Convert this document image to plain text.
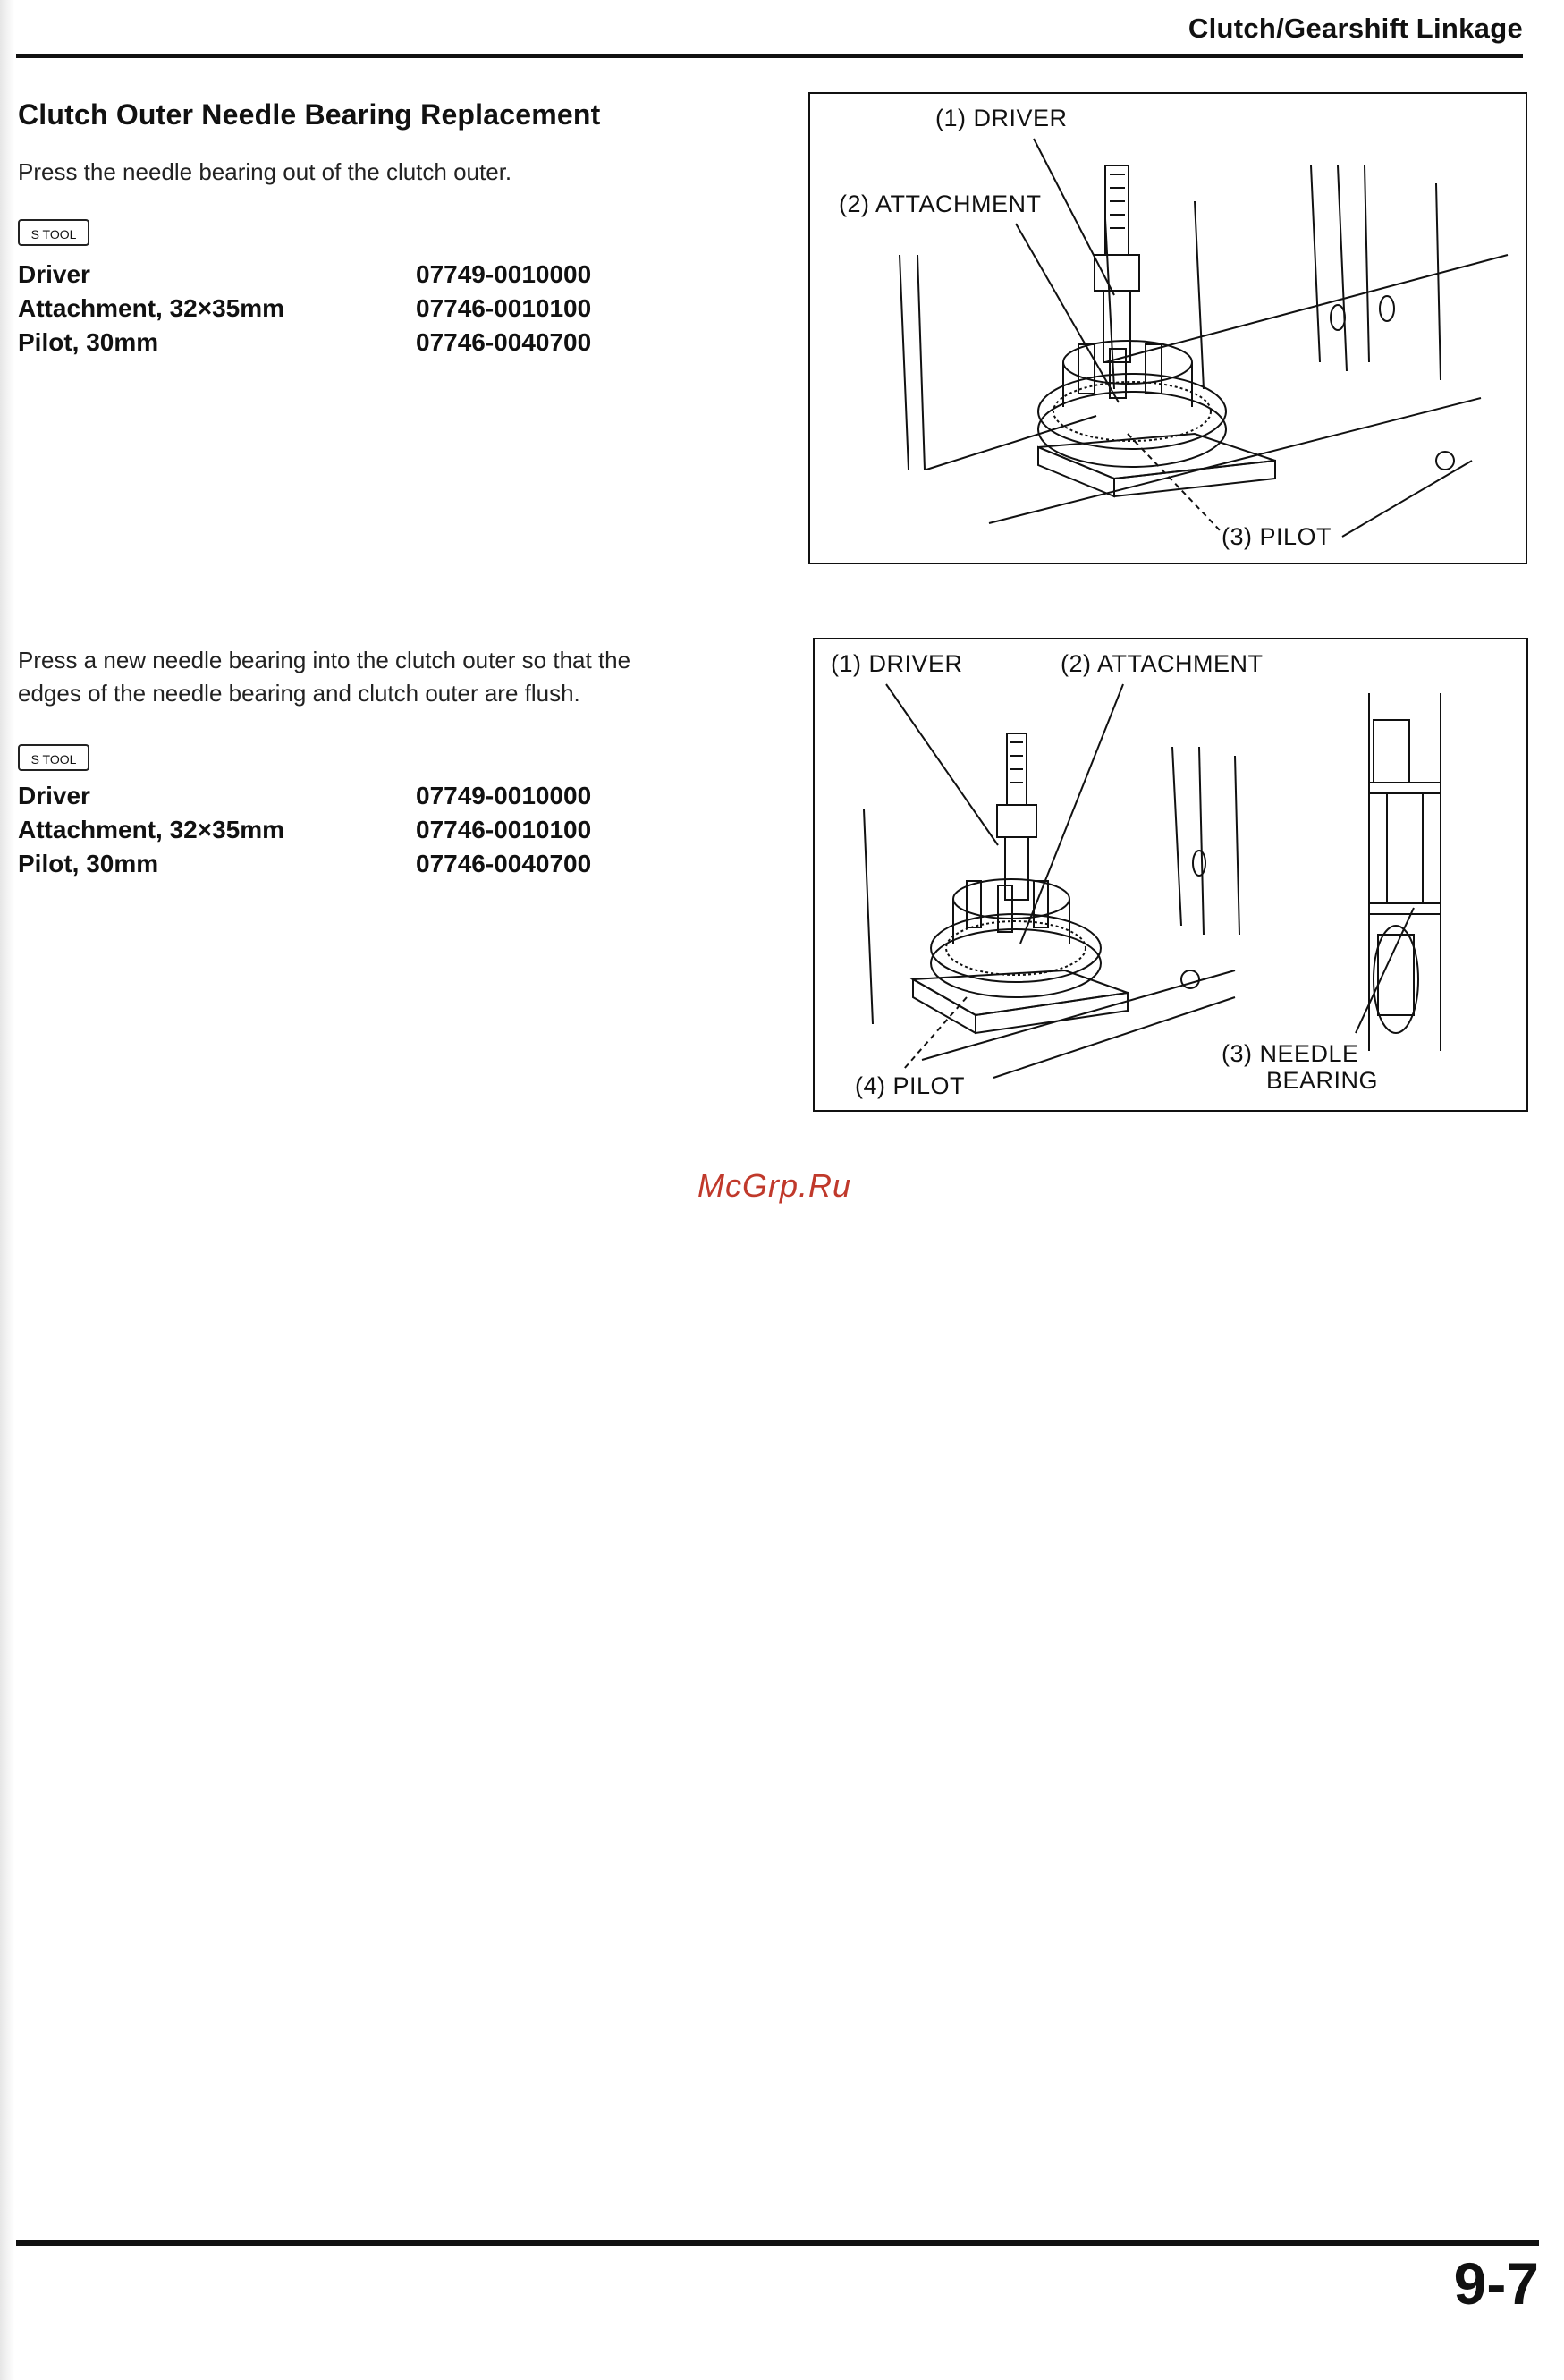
Clutch/Gearshift Linkage
Clutch Outer Needle Bearing Replacement
Press the needle bearing out of the clutch outer.
S TOOL
Driver	07749-0010000
Attachment, 32×35mm	07746-0010100
Pilot, 30mm	07746-0040700
Press a new needle bearing into the clutch outer so that the
edges of the needle bearing and clutch outer are flush.
S TOOL
Driver	07749-0010000
Attachment, 32×35mm	07746-0010100
Pilot, 30mm	07746-0040700
(1) DRIVER
(2) ATTACHMENT
(3) PILOT
(1) DRIVER	(2) ATTACHMENT
(3) NEEDLE
BEARING
(4) PILOT
McGrp.Ru
9-7
